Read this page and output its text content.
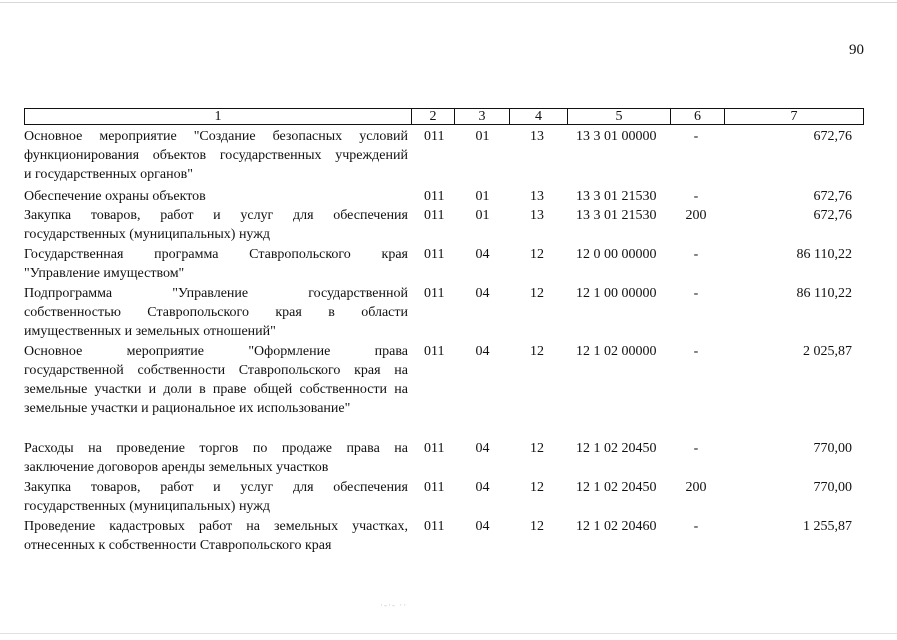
90
1	2	3	4	5	6	7
Основное мероприятие "Создание безопасных условий
функционирования объектов государственных учреждений
и государственных органов"
011	01	13	13 3 01 00000	-	672,76
Обеспечение охраны объектов	011	01	13	13 3 01 21530	-	672,76
Закупка товаров, работ и услуг для обеспечения
государственных (муниципальных) нужд
011	01	13	13 3 01 21530	200	672,76
Государственная программа Ставропольского края
"Управление имуществом"
011	04	12	12 0 00 00000	-	86 110,22
Подпрограмма "Управление государственной
собственностью Ставропольского края в области
имущественных и земельных отношений"
011	04	12	12 1 00 00000	-	86 110,22
Основное мероприятие "Оформление права
государственной собственности Ставропольского края на
земельные участки и доли в праве общей собственности на
земельные участки и рациональное их использование"
011	04	12	12 1 02 00000	-	2 025,87
Расходы на проведение торгов по продаже права на
заключение договоров аренды земельных участков
011	04	12	12 1 02 20450	-	770,00
Закупка товаров, работ и услуг для обеспечения
государственных (муниципальных) нужд
011	04	12	12 1 02 20450	200	770,00
Проведение кадастровых работ на земельных участках,
отнесенных к собственности Ставропольского края
011	04	12	12 1 02 20460	-	1 255,87
·-·- ··
